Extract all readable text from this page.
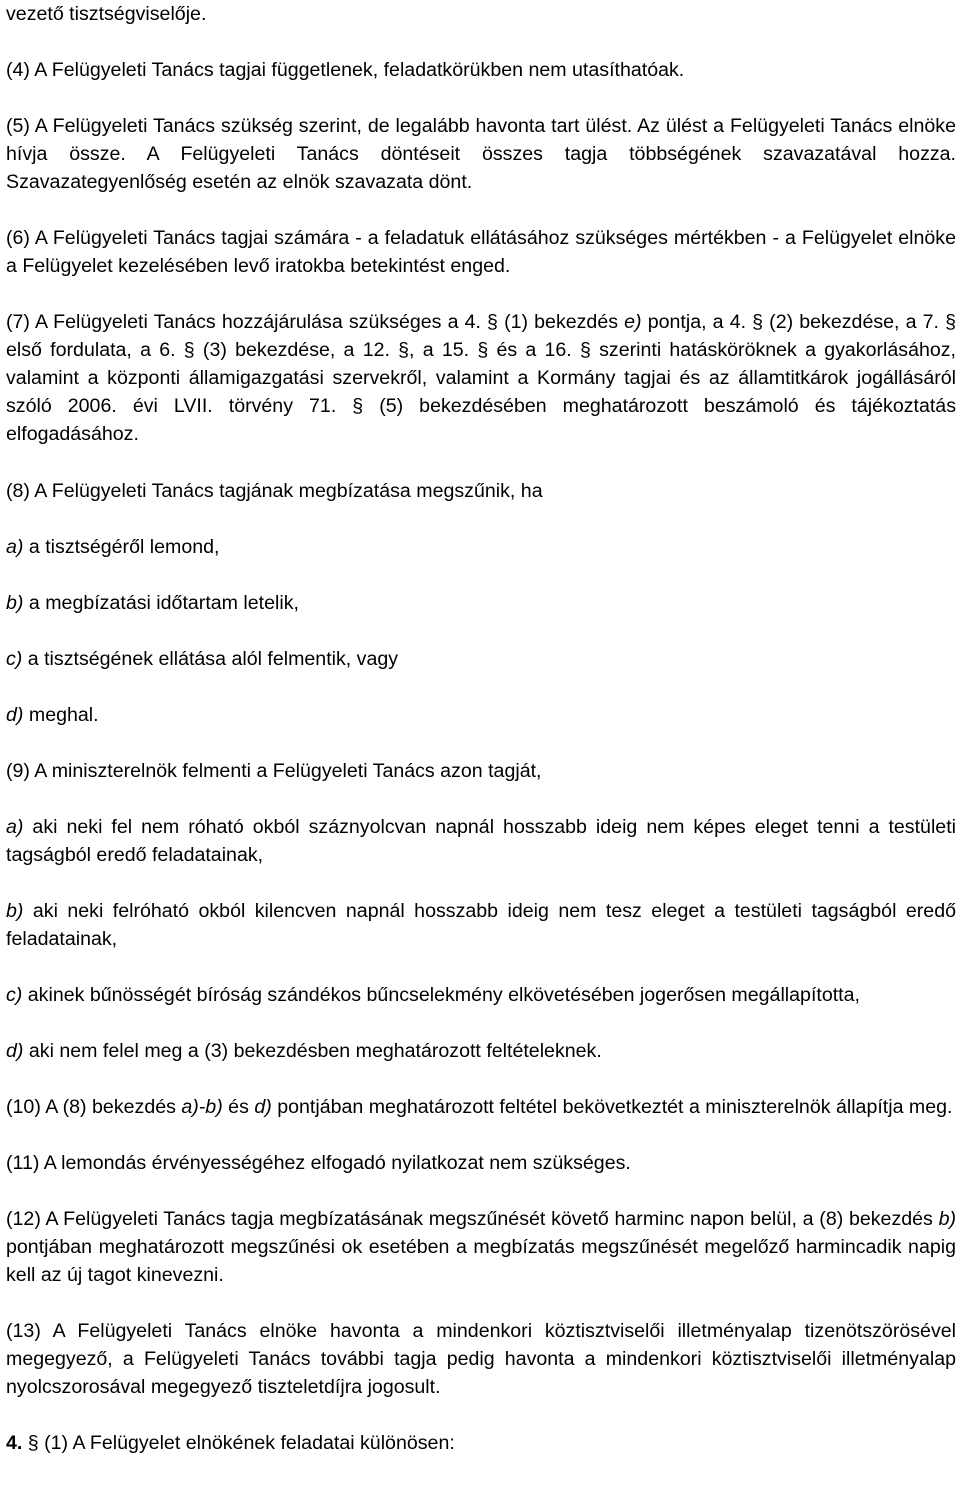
vezető tisztségviselője.

(4) A Felügyeleti Tanács tagjai függetlenek, feladatkörükben nem utasíthatóak.

(5) A Felügyeleti Tanács szükség szerint, de legalább havonta tart ülést. Az ülést a Felügyeleti Tanács elnöke hívja össze. A Felügyeleti Tanács döntéseit összes tagja többségének szavazatával hozza. Szavazategyenlőség esetén az elnök szavazata dönt.

(6) A Felügyeleti Tanács tagjai számára - a feladatuk ellátásához szükséges mértékben - a Felügyelet elnöke a Felügyelet kezelésében levő iratokba betekintést enged.

(7) A Felügyeleti Tanács hozzájárulása szükséges a 4. § (1) bekezdés e) pontja, a 4. § (2) bekezdése, a 7. § első fordulata, a 6. § (3) bekezdése, a 12. §, a 15. § és a 16. § szerinti hatásköröknek a gyakorlásához, valamint a központi államigazgatási szervekről, valamint a Kormány tagjai és az államtitkárok jogállásáról szóló 2006. évi LVII. törvény 71. § (5) bekezdésében meghatározott beszámoló és tájékoztatás elfogadásához.

(8) A Felügyeleti Tanács tagjának megbízatása megszűnik, ha

a) a tisztségéről lemond,

b) a megbízatási időtartam letelik,

c) a tisztségének ellátása alól felmentik, vagy

d) meghal.

(9) A miniszterelnök felmenti a Felügyeleti Tanács azon tagját,

a) aki neki fel nem róható okból száznyolcvan napnál hosszabb ideig nem képes eleget tenni a testületi tagságból eredő feladatainak,

b) aki neki felróható okból kilencven napnál hosszabb ideig nem tesz eleget a testületi tagságból eredő feladatainak,

c) akinek bűnösségét bíróság szándékos bűncselekmény elkövetésében jogerősen megállapította,

d) aki nem felel meg a (3) bekezdésben meghatározott feltételeknek.

(10) A (8) bekezdés a)-b) és d) pontjában meghatározott feltétel bekövetkeztét a miniszterelnök állapítja meg.

(11) A lemondás érvényességéhez elfogadó nyilatkozat nem szükséges.

(12) A Felügyeleti Tanács tagja megbízatásának megszűnését követő harminc napon belül, a (8) bekezdés b) pontjában meghatározott megszűnési ok esetében a megbízatás megszűnését megelőző harmincadik napig kell az új tagot kinevezni.

(13) A Felügyeleti Tanács elnöke havonta a mindenkori köztisztviselői illetményalap tizenötszörösével megegyező, a Felügyeleti Tanács további tagja pedig havonta a mindenkori köztisztviselői illetményalap nyolcszorosával megegyező tiszteletdíjra jogosult.

4. § (1) A Felügyelet elnökének feladatai különösen:
